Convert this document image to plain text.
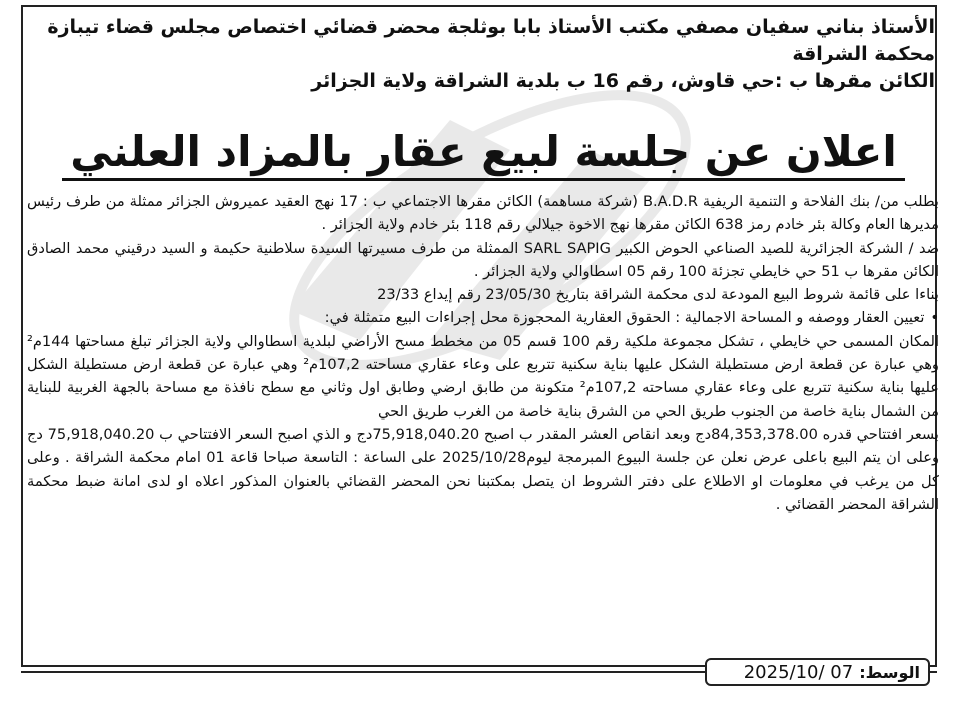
الأستاذ بناني سفيان مصفي مكتب الأستاذ بابا بوثلجة محضر قضائي اختصاص مجلس قضاء تيبازة

محكمة الشراقة

الكائن مقرها ب :حي قاوش، رقم 16 ب بلدية الشراقة ولاية الجزائر

اعلان عن جلسة لبيع عقار بالمزاد العلني

بطلب من/ بنك الفلاحة و التنمية الريفية B.A.D.R (شركة مساهمة) الكائن مقرها الاجتماعي ب : 17 نهج العقيد عميروش الجزائر ممثلة من طرف رئيس مديرها العام وكالة بئر خادم رمز 638 الكائن مقرها نهج الاخوة جيلالي رقم 118 بئر خادم ولاية الجزائر .

ضد / الشركة الجزائرية للصيد الصناعي الحوض الكبير SARL SAPIG الممثلة من طرف مسيرتها السيدة سلاطنية حكيمة و السيد درقيني محمد الصادق الكائن مقرها ب 51 حي خايطي تجزئة 100 رقم 05 اسطاوالي ولاية الجزائر .

بناءا على قائمة شروط البيع المودعة لدى محكمة الشراقة بتاريخ 23/05/30 رقم إيداع 23/33

• تعيين العقار ووصفه و المساحة الاجمالية : الحقوق العقارية المحجوزة محل إجراءات البيع متمثلة في:

المكان المسمى حي خايطي ، تشكل مجموعة ملكية رقم 100 قسم 05 من مخطط مسح الأراضي لبلدية اسطاوالي ولاية الجزائر تبلغ مساحتها 144م² وهي عبارة عن قطعة ارض مستطيلة الشكل عليها بناية سكنية تتربع على وعاء عقاري مساحته 107,2م² وهي عبارة عن قطعة ارض مستطيلة الشكل عليها بناية سكنية تتربع على وعاء عقاري مساحته 107,2م² متكونة من طابق ارضي وطابق اول وثاني مع سطح نافذة مع مساحة بالجهة الغربية للبناية من الشمال بناية خاصة من الجنوب طريق الحي من الشرق بناية خاصة من الغرب طريق الحي

بسعر افتتاحي قدره 84,353,378.00دج وبعد انقاص العشر المقدر ب اصبح 75,918,040.20دج و الذي اصبح السعر الافتتاحي ب 75,918,040.20 دج وعلى ان يتم البيع باعلى عرض نعلن عن جلسة البيوع المبرمجة ليوم2025/10/28 على الساعة : التاسعة صباحا قاعة 01 امام محكمة الشراقة . وعلى كل من يرغب في معلومات او الاطلاع على دفتر الشروط ان يتصل بمكتبنا نحن المحضر القضائي بالعنوان المذكور اعلاه او لدى امانة ضبط محكمة الشراقة المحضر القضائي .

الوسط:
2025/10/ 07
